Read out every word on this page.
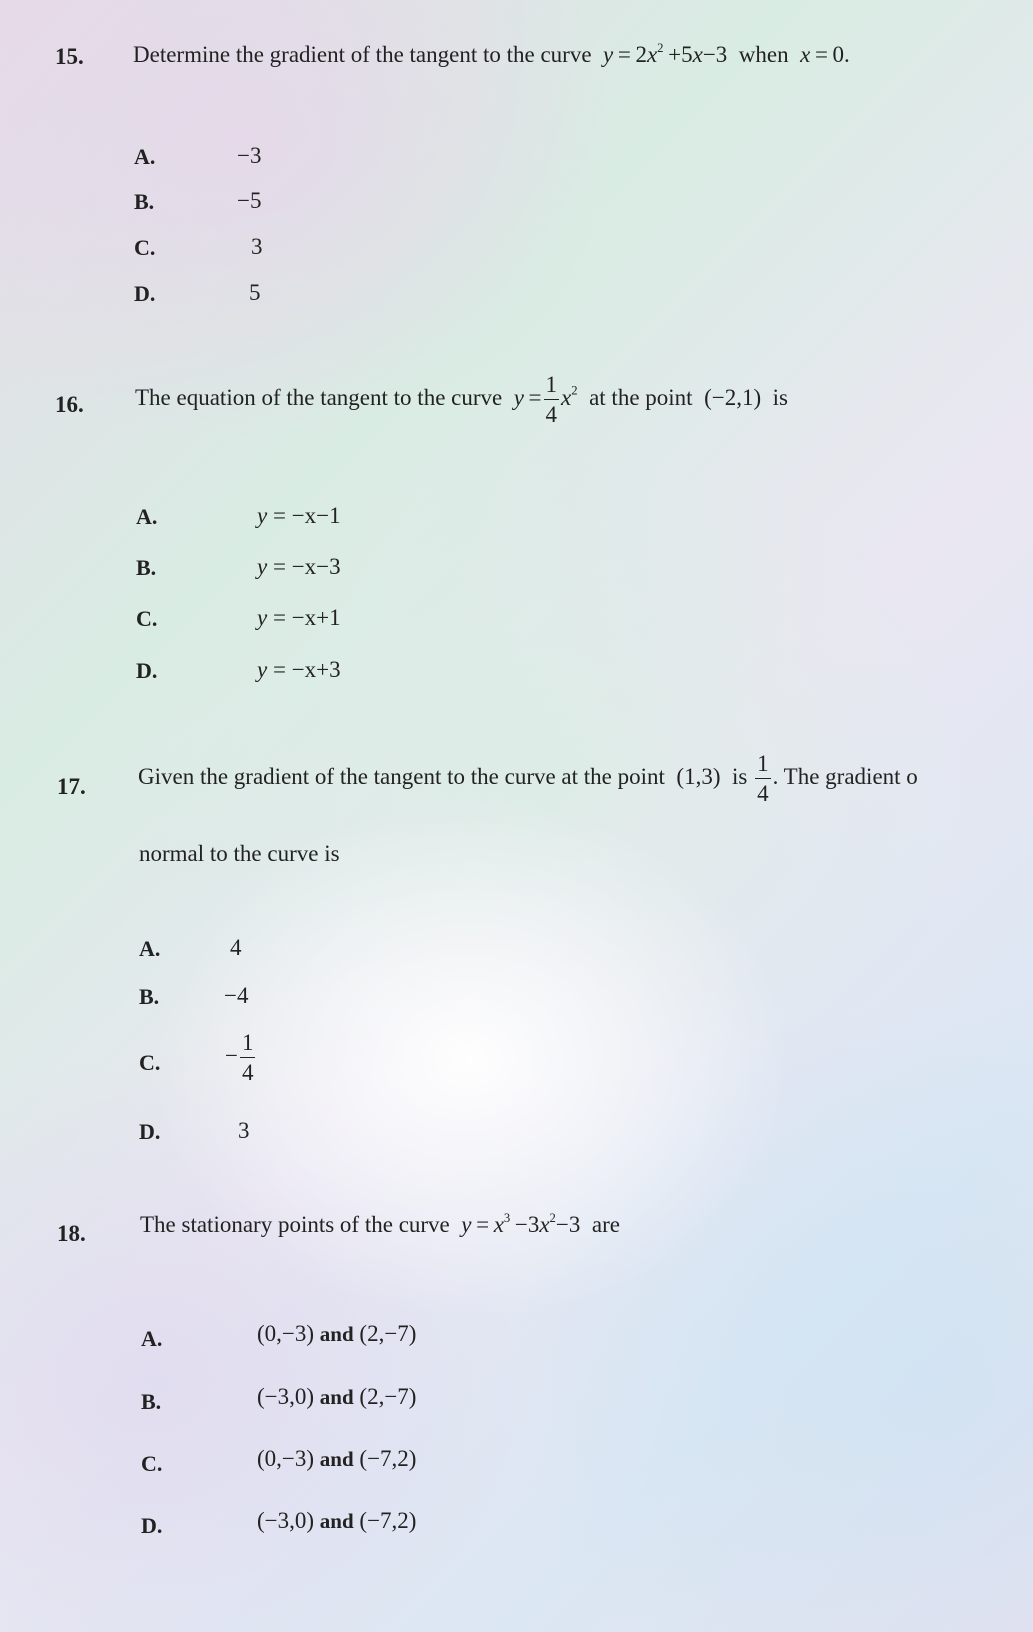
15. Determine the gradient of the tangent to the curve $y = 2x^2 +5x-3$ when x = 0.
A.	−3
B.	−5
C.	3
D.	5
16. The equation of the tangent to the curve $y = \frac{1}{4} x^2$ at the point (−2,1) is
A.	y = −x−1
B.	y = −x−3
C.	y = −x+1
D.	y = −x+3
17. Given the gradient of the tangent to the curve at the point (1,3) is $\frac{1}{4}$ . The gradient o
normal to the curve is
A.	4
B.	−4
C.	− $\frac{1}{4}$
D.	3
18. The stationary points of the curve $y = x^3 -3x^2-3$ are
A.	(0,−3) and (2,−7)
B.	(−3,0) and (2,−7)
C.	(0,−3) and (−7,2)
D.	(−3,0) and (−7,2)
